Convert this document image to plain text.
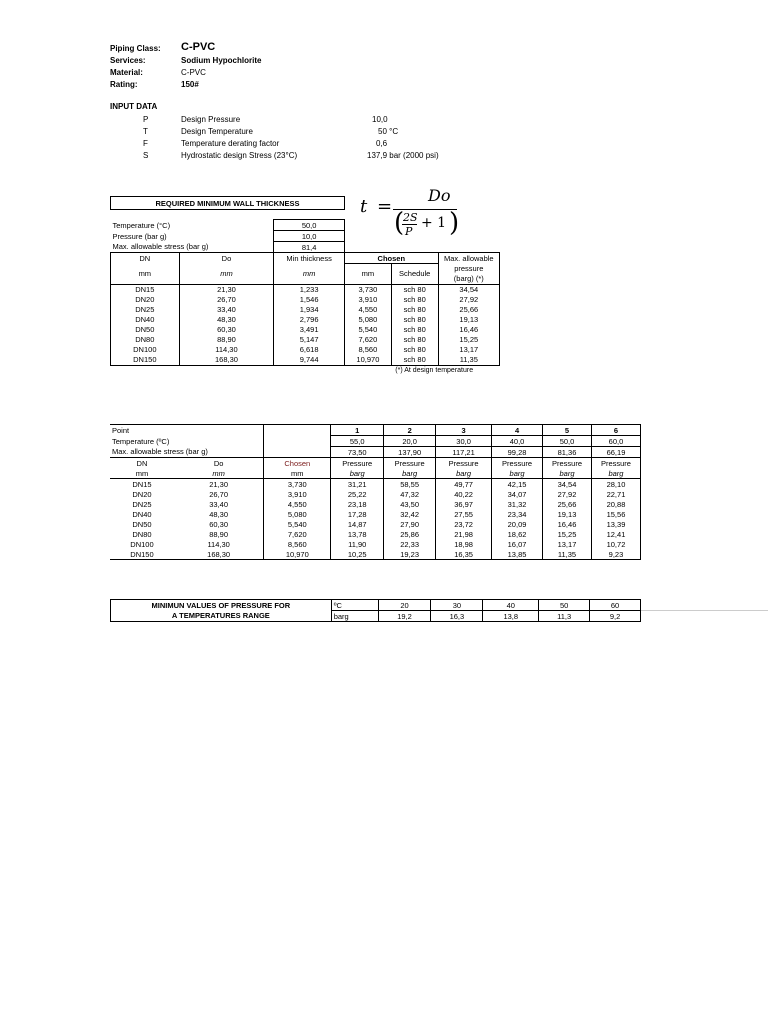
Piping Class: C-PVC
Services:	Sodium Hypochlorite
Material:	C-PVC
Rating:	150#
INPUT DATA
P	Design Pressure	10,0
T	Design Temperature	50 °C
F	Temperature derating factor	0,6
S	Hydrostatic design Stress (23°C)	137,9 bar (2000 psi)
t =
Do
(
2S
P
+ 1 )
REQUIRED MINIMUM WALL THICKNESS					

Temperature (°C)		50,0			
Pressure (bar g)		10,0			
Max. allowable stress (bar g)		81,4			
DN	Do	Min thickness	Chosen		Max. allowable
mm	mm	mm	mm	Schedule	pressure
					(barg) (*)
DN15	21,30	1,233	3,730	sch 80	34,54
DN20	26,70	1,546	3,910	sch 80	27,92
DN25	33,40	1,934	4,550	sch 80	25,66
DN40	48,30	2,796	5,080	sch 80	19,13
DN50	60,30	3,491	5,540	sch 80	16,46
DN80	88,90	5,147	7,620	sch 80	15,25
DN100	114,30	6,618	8,560	sch 80	13,17
DN150	168,30	9,744	10,970	sch 80	11,35
				(*) At design temperature	
Point			1	2	3	4	5	6
Temperature (ºC)			55,0	20,0	30,0	40,0	50,0	60,0
Max. allowable stress (bar g)			73,50	137,90	117,21	99,28	81,36	66,19
DN	Do	Chosen	Pressure	Pressure	Pressure	Pressure	Pressure	Pressure
mm	mm	mm	barg	barg	barg	barg	barg	barg
DN15	21,30	3,730	31,21	58,55	49,77	42,15	34,54	28,10
DN20	26,70	3,910	25,22	47,32	40,22	34,07	27,92	22,71
DN25	33,40	4,550	23,18	43,50	36,97	31,32	25,66	20,88
DN40	48,30	5,080	17,28	32,42	27,55	23,34	19,13	15,56
DN50	60,30	5,540	14,87	27,90	23,72	20,09	16,46	13,39
DN80	88,90	7,620	13,78	25,86	21,98	18,62	15,25	12,41
DN100	114,30	8,560	11,90	22,33	18,98	16,07	13,17	10,72
DN150	168,30	10,970	10,25	19,23	16,35	13,85	11,35	9,23
MINIMUN VALUES OF PRESSURE FOR	ºC	20	30	40	50	60
A TEMPERATURES RANGE	barg	19,2	16,3	13,8	11,3	9,2
